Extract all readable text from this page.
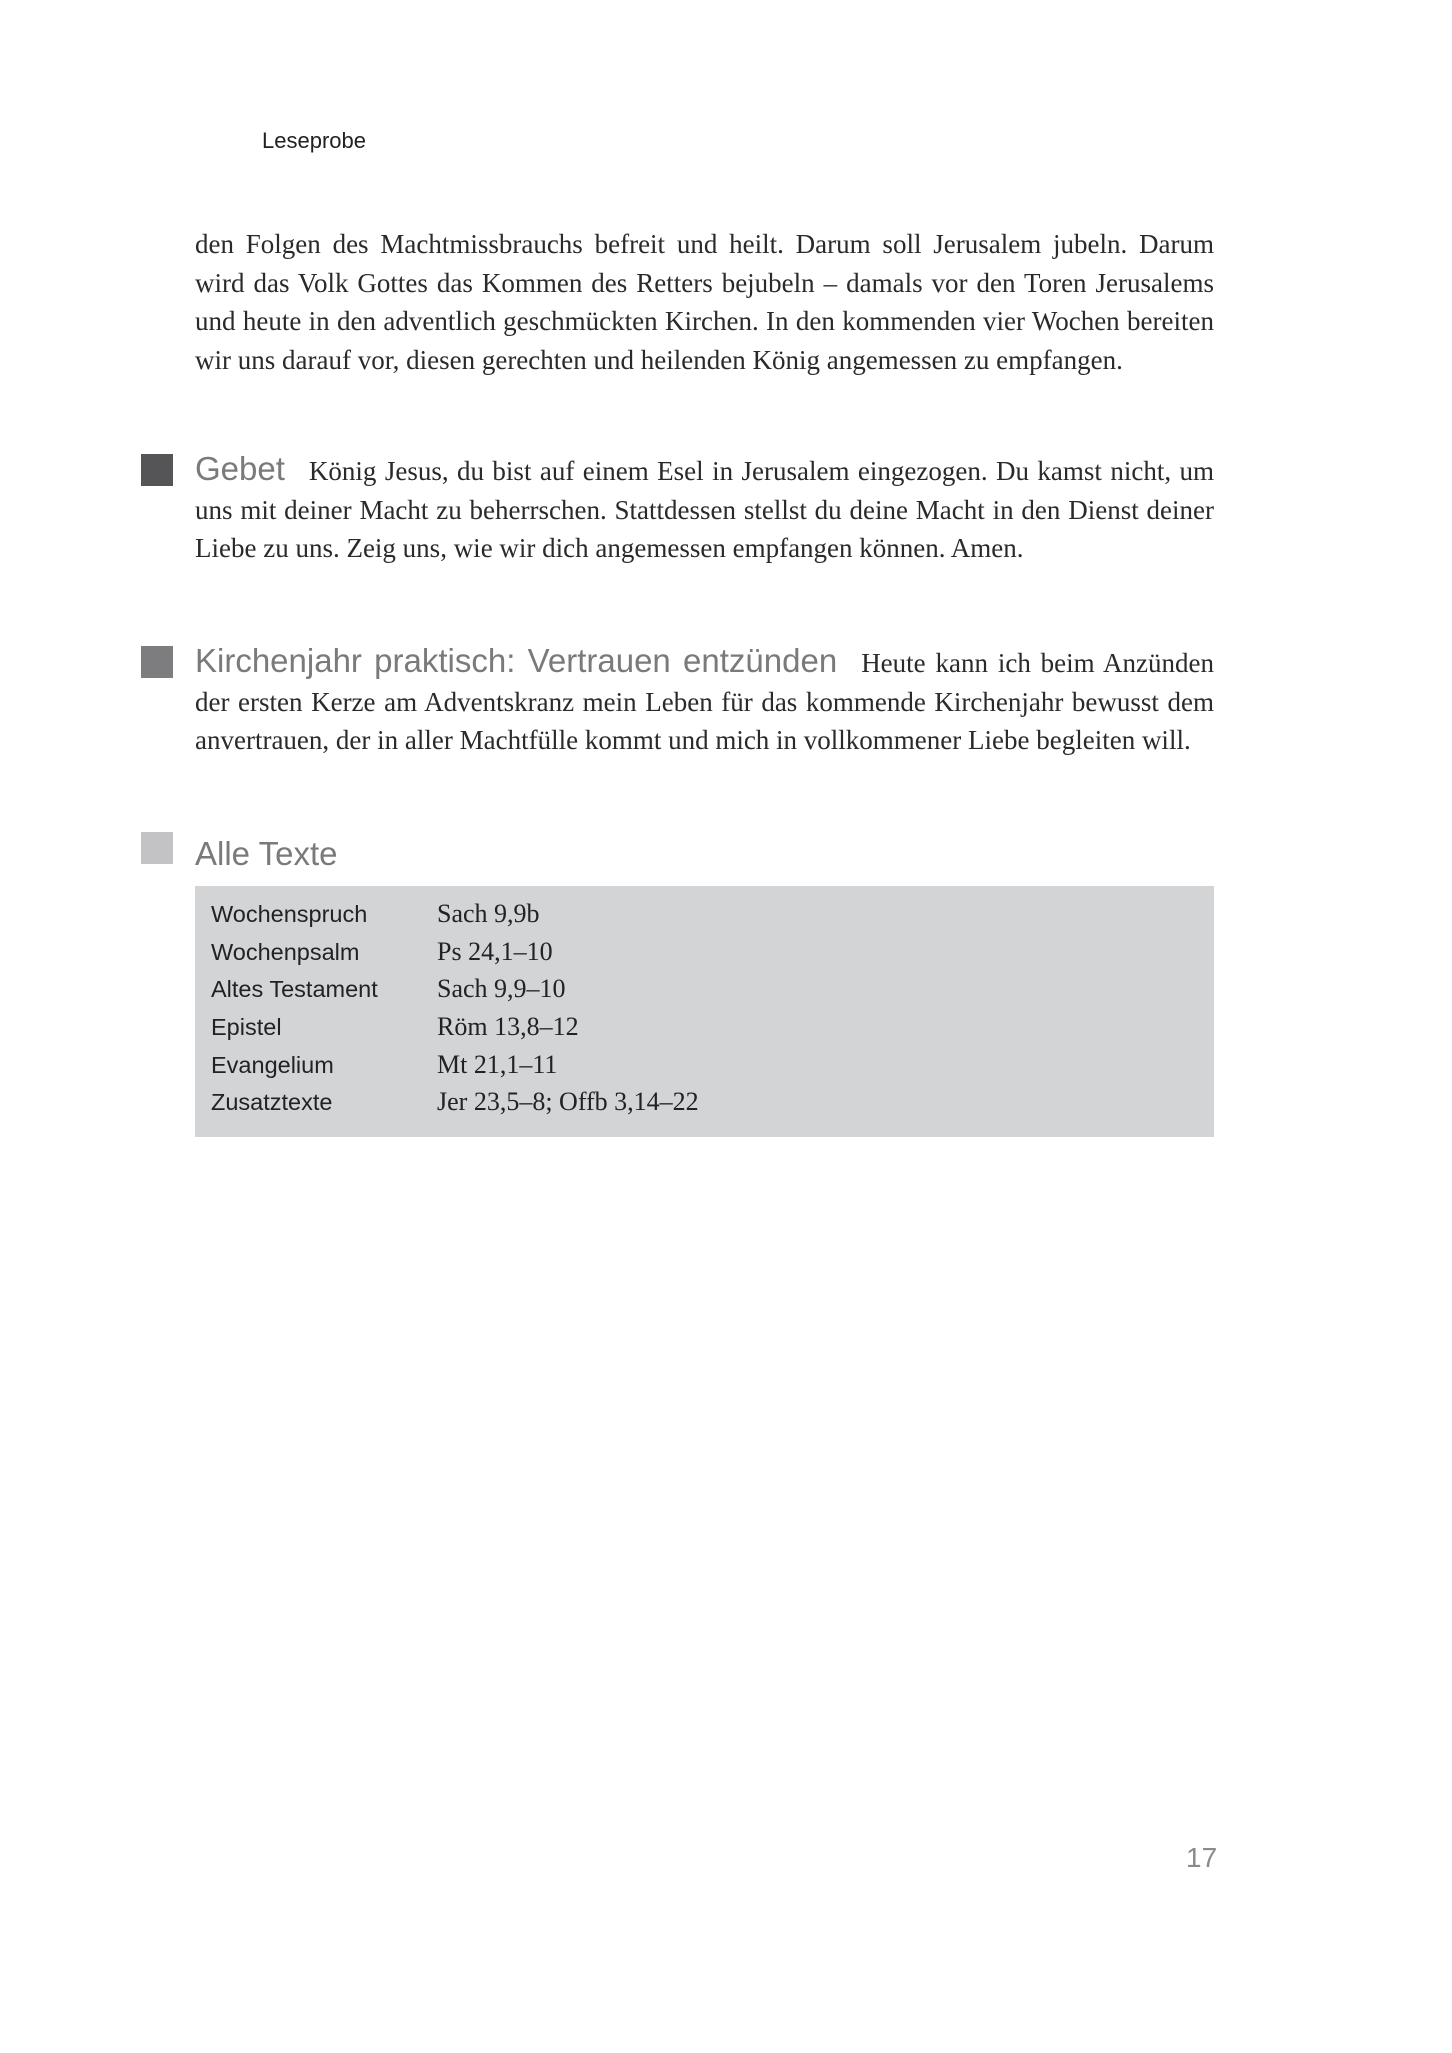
Leseprobe

den Folgen des Machtmissbrauchs befreit und heilt. Darum soll Jerusalem jubeln. Darum wird das Volk Gottes das Kommen des Retters bejubeln – damals vor den Toren Jerusalems und heute in den adventlich geschmückten Kirchen. In den kommenden vier Wochen bereiten wir uns darauf vor, diesen gerechten und heilenden König angemessen zu empfangen.

Gebet König Jesus, du bist auf einem Esel in Jerusalem eingezogen. Du kamst nicht, um uns mit deiner Macht zu beherrschen. Stattdessen stellst du deine Macht in den Dienst deiner Liebe zu uns. Zeig uns, wie wir dich angemessen empfangen können. Amen.

Kirchenjahr praktisch: Vertrauen entzünden Heute kann ich beim Anzünden der ersten Kerze am Adventskranz mein Leben für das kommende Kirchenjahr bewusst dem anvertrauen, der in aller Machtfülle kommt und mich in vollkommener Liebe begleiten will.

Alle Texte
Wochenspruch	Sach 9,9b
Wochenpsalm	Ps 24,1–10
Altes Testament Sach 9,9–10
Epistel	Röm 13,8–12
Evangelium	Mt 21,1–11
Zusatztexte	Jer 23,5–8; Offb 3,14–22
17
